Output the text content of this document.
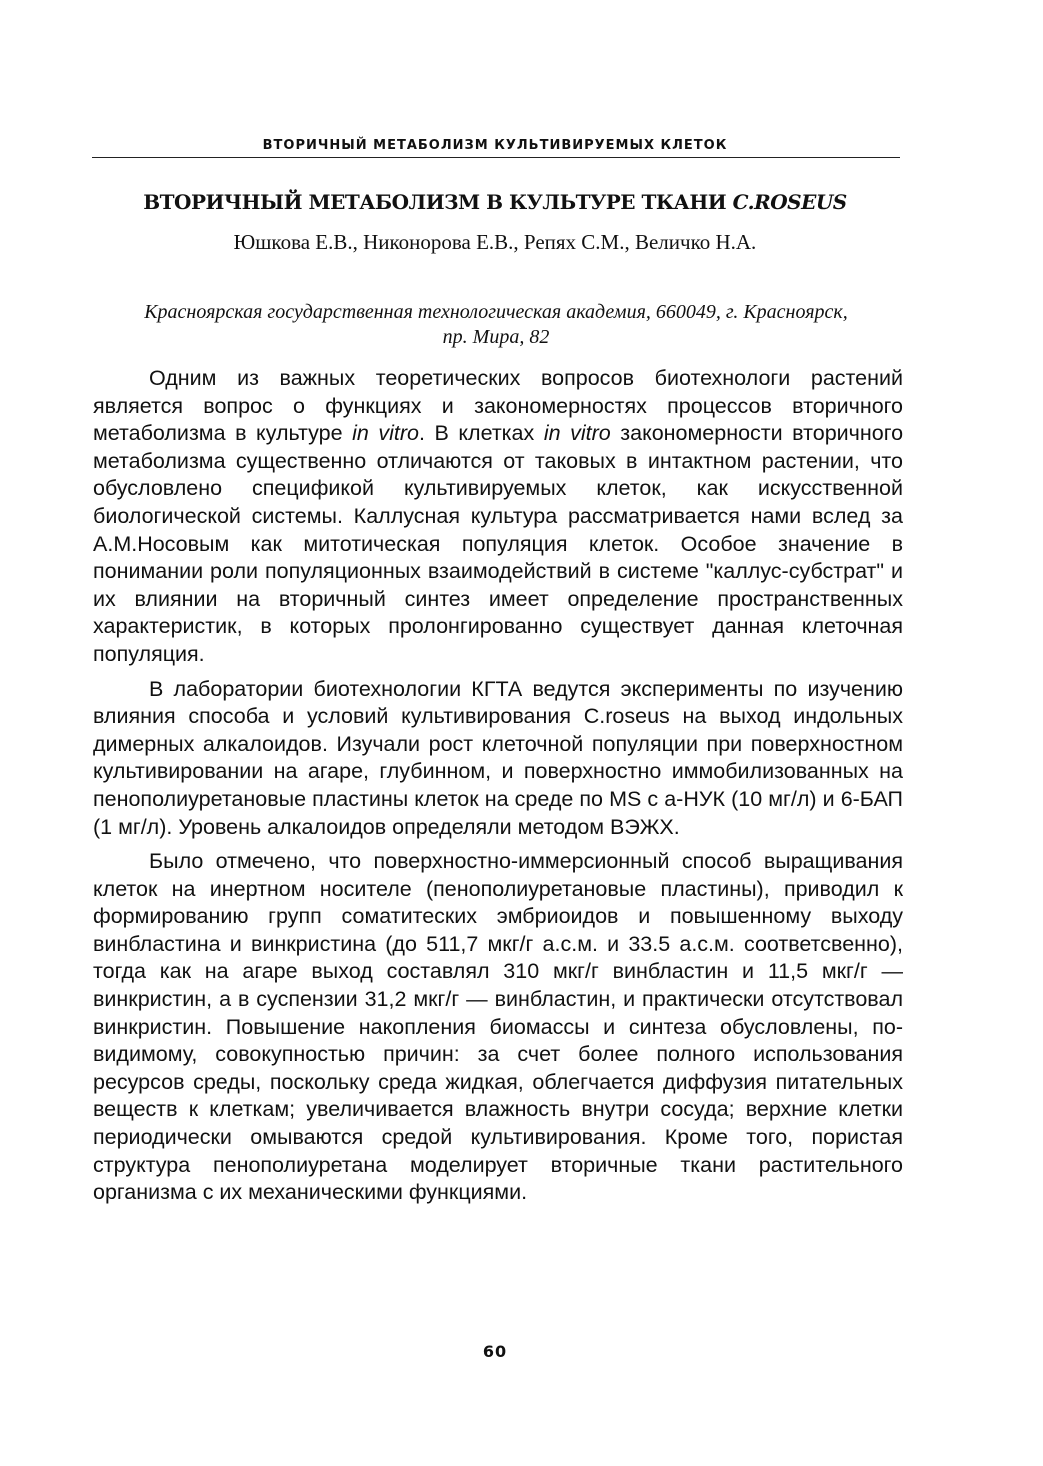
ВТОРИЧНЫЙ МЕТАБОЛИЗМ КУЛЬТИВИРУЕМЫХ КЛЕТОК
ВТОРИЧНЫЙ МЕТАБОЛИЗМ В КУЛЬТУРЕ ТКАНИ C.ROSEUS
Юшкова Е.В., Никонорова Е.В., Репях С.М., Величко Н.А.
Красноярская государственная технологическая академия, 660049, г. Красноярск, пр. Мира, 82

Одним из важных теоретических вопросов биотехнологи растений является вопрос о функциях и закономерностях процессов вторичного метаболизма в культуре in vitro. В клетках in vitro закономерности вторичного метаболизма существенно отличаются от таковых в интактном растении, что обусловлено спецификой культивируемых клеток, как искусственной биологической системы. Каллусная культура рассматривается нами вслед за А.М.Носовым как митотическая популяция клеток. Особое значение в понимании роли популяционных взаимодействий в системе "каллус-субстрат" и их влиянии на вторичный синтез имеет определение пространственных характеристик, в которых пролонгированно существует данная клеточная популяция.

В лаборатории биотехнологии КГТА ведутся эксперименты по изучению влияния способа и условий культивирования C.roseus на выход индольных димерных алкалоидов. Изучали рост клеточной популяции при поверхностном культивировании на агаре, глубинном, и поверхностно иммобилизованных на пенополиуретановые пластины клеток на среде по MS с а-НУК (10 мг/л) и 6-БАП (1 мг/л). Уровень алкалоидов определяли методом ВЭЖХ.

Было отмечено, что поверхностно-иммерсионный способ выращивания клеток на инертном носителе (пенополиуретановые пластины), приводил к формированию групп соматитеских эмбриоидов и повышенному выходу винбластина и винкристина (до 511,7 мкг/г а.с.м. и 33.5 а.с.м. соответсвенно), тогда как на агаре выход составлял 310 мкг/г винбластин и 11,5 мкг/г — винкристин, а в суспензии 31,2 мкг/г — винбластин, и практически отсутствовал винкристин. Повышение накопления биомассы и синтеза обусловлены, по-видимому, совокупностью причин: за счет более полного использования ресурсов среды, поскольку среда жидкая, облегчается диффузия питательных веществ к клеткам; увеличивается влажность внутри сосуда; верхние клетки периодически омываются средой культивирования. Кроме того, пористая структура пенополиуретана моделирует вторичные ткани растительного организма с их механическими функциями.

60
